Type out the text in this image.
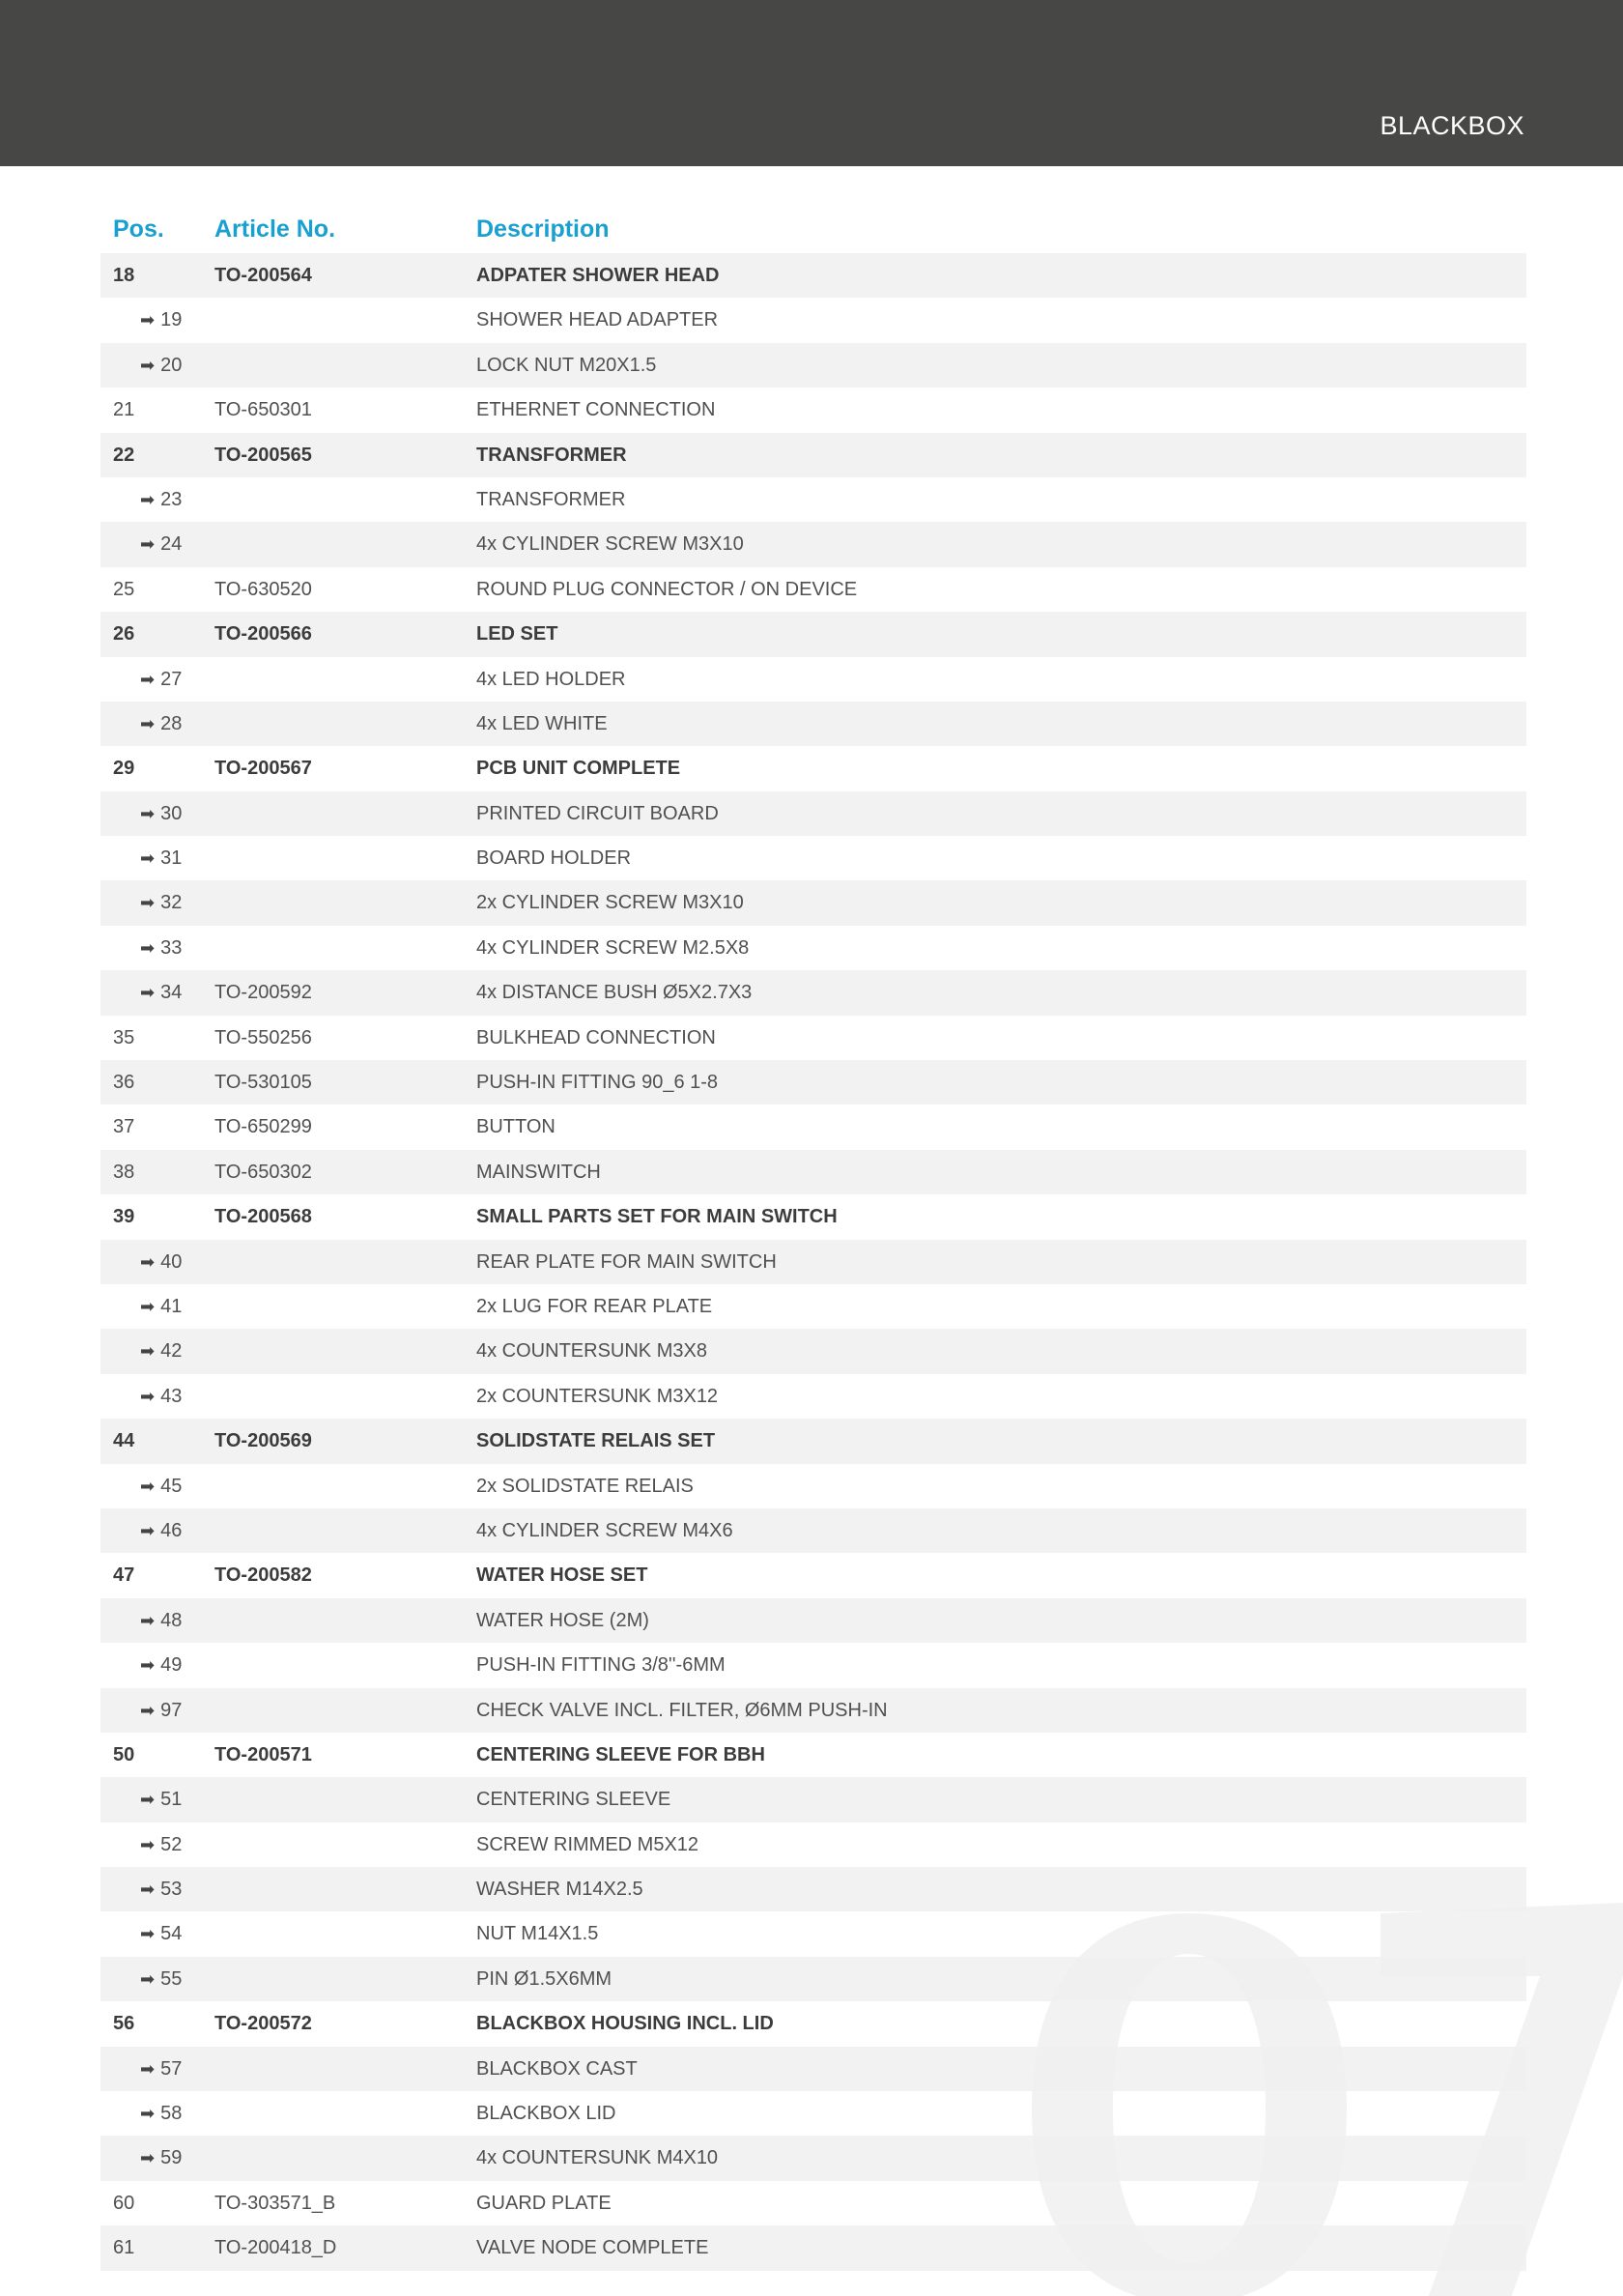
BLACKBOX
Pos. Article No.	Description
18	TO-200564	ADPATER SHOWER HEAD
➡ 19	SHOWER HEAD ADAPTER
➡ 20	LOCK NUT M20X1.5
21	TO-650301	ETHERNET CONNECTION
22	TO-200565	TRANSFORMER
➡ 23	TRANSFORMER
➡ 24	4x CYLINDER SCREW M3X10
25	TO-630520	ROUND PLUG CONNECTOR / ON DEVICE
26	TO-200566	LED SET
➡ 27	4x LED HOLDER
➡ 28	4x LED WHITE
29	TO-200567	PCB UNIT COMPLETE
➡ 30	PRINTED CIRCUIT BOARD
➡ 31	BOARD HOLDER
➡ 32	2x CYLINDER SCREW M3X10
➡ 33	4x CYLINDER SCREW M2.5X8
➡ 34 TO-200592	4x DISTANCE BUSH Ø5X2.7X3
35	TO-550256	BULKHEAD CONNECTION
36	TO-530105	PUSH-IN FITTING 90_6 1-8
37	TO-650299	BUTTON
38	TO-650302	MAINSWITCH
39	TO-200568	SMALL PARTS SET FOR MAIN SWITCH
➡ 40	REAR PLATE FOR MAIN SWITCH
➡ 41	2x LUG FOR REAR PLATE
➡ 42	4x COUNTERSUNK M3X8
➡ 43	2x COUNTERSUNK M3X12
44	TO-200569	SOLIDSTATE RELAIS SET
➡ 45	2x SOLIDSTATE RELAIS
➡ 46	4x CYLINDER SCREW M4X6
47	TO-200582	WATER HOSE SET
➡ 48	WATER HOSE (2M)
➡ 49	PUSH-IN FITTING 3/8''-6MM
➡ 97	CHECK VALVE INCL. FILTER, Ø6MM PUSH-IN
50	TO-200571	CENTERING SLEEVE FOR BBH
➡ 51	CENTERING SLEEVE
➡ 52	SCREW RIMMED M5X12
➡ 53	WASHER M14X2.5
➡ 54	NUT M14X1.5
➡ 55	PIN Ø1.5X6MM
56	TO-200572	BLACKBOX HOUSING INCL. LID
➡ 57	BLACKBOX CAST
➡ 58	BLACKBOX LID
➡ 59	4x COUNTERSUNK M4X10
60	TO-303571_B	GUARD PLATE
61	TO-200418_D	VALVE NODE COMPLETE
